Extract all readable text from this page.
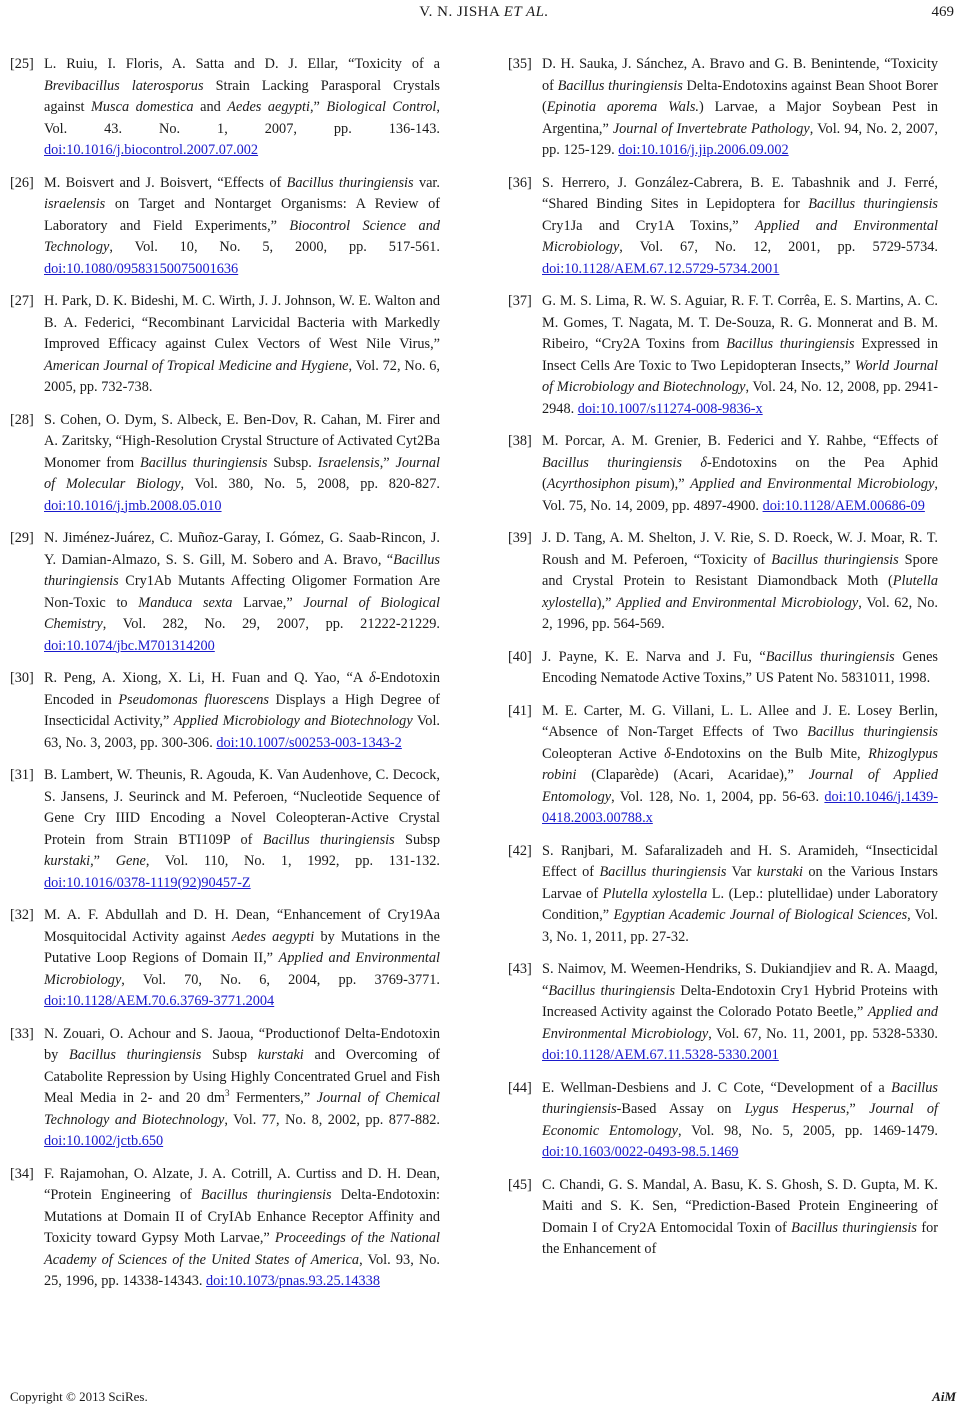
V. N. JISHA ET AL.	469
[25] L. Ruiu, I. Floris, A. Satta and D. J. Ellar, “Toxicity of a Brevibacillus laterosporus Strain Lacking Parasporal Crystals against Musca domestica and Aedes aegypti,” Biological Control, Vol. 43. No. 1, 2007, pp. 136-143. doi:10.1016/j.biocontrol.2007.07.002
[26] M. Boisvert and J. Boisvert, “Effects of Bacillus thuringiensis var. israelensis on Target and Nontarget Organisms: A Review of Laboratory and Field Experiments,” Biocontrol Science and Technology, Vol. 10, No. 5, 2000, pp. 517-561. doi:10.1080/09583150075001636
[27] H. Park, D. K. Bideshi, M. C. Wirth, J. J. Johnson, W. E. Walton and B. A. Federici, “Recombinant Larvicidal Bacteria with Markedly Improved Efficacy against Culex Vectors of West Nile Virus,” American Journal of Tropical Medicine and Hygiene, Vol. 72, No. 6, 2005, pp. 732-738.
[28] S. Cohen, O. Dym, S. Albeck, E. Ben-Dov, R. Cahan, M. Firer and A. Zaritsky, “High-Resolution Crystal Structure of Activated Cyt2Ba Monomer from Bacillus thuringiensis Subsp. Israelensis,” Journal of Molecular Biology, Vol. 380, No. 5, 2008, pp. 820-827. doi:10.1016/j.jmb.2008.05.010
[29] N. Jiménez-Juárez, C. Muñoz-Garay, I. Gómez, G. Saab-Rincon, J. Y. Damian-Almazo, S. S. Gill, M. Sobero and A. Bravo, “Bacillus thuringiensis Cry1Ab Mutants Affecting Oligomer Formation Are Non-Toxic to Manduca sexta Larvae,” Journal of Biological Chemistry, Vol. 282, No. 29, 2007, pp. 21222-21229. doi:10.1074/jbc.M701314200
[30] R. Peng, A. Xiong, X. Li, H. Fuan and Q. Yao, “A δ-Endotoxin Encoded in Pseudomonas fluorescens Displays a High Degree of Insecticidal Activity,” Applied Microbiology and Biotechnology Vol. 63, No. 3, 2003, pp. 300-306. doi:10.1007/s00253-003-1343-2
[31] B. Lambert, W. Theunis, R. Agouda, K. Van Audenhove, C. Decock, S. Jansens, J. Seurinck and M. Peferoen, “Nucleotide Sequence of Gene Cry IIID Encoding a Novel Coleopteran-Active Crystal Protein from Strain BTI109P of Bacillus thuringiensis Subsp kurstaki,” Gene, Vol. 110, No. 1, 1992, pp. 131-132. doi:10.1016/0378-1119(92)90457-Z
[32] M. A. F. Abdullah and D. H. Dean, “Enhancement of Cry19Aa Mosquitocidal Activity against Aedes aegypti by Mutations in the Putative Loop Regions of Domain II,” Applied and Environmental Microbiology, Vol. 70, No. 6, 2004, pp. 3769-3771. doi:10.1128/AEM.70.6.3769-3771.2004
[33] N. Zouari, O. Achour and S. Jaoua, “Productionof Delta-Endotoxin by Bacillus thuringiensis Subsp kurstaki and Overcoming of Catabolite Repression by Using Highly Concentrated Gruel and Fish Meal Media in 2- and 20 $dm^3$ Fermenters,” Journal of Chemical Technology and Biotechnology, Vol. 77, No. 8, 2002, pp. 877-882. doi:10.1002/jctb.650
[34] F. Rajamohan, O. Alzate, J. A. Cotrill, A. Curtiss and D. H. Dean, “Protein Engineering of Bacillus thuringiensis Delta-Endotoxin: Mutations at Domain II of CryIAb Enhance Receptor Affinity and Toxicity toward Gypsy Moth Larvae,” Proceedings of the National Academy of Sciences of the United States of America, Vol. 93, No. 25, 1996, pp. 14338-14343. doi:10.1073/pnas.93.25.14338
[35] D. H. Sauka, J. Sánchez, A. Bravo and G. B. Benintende, “Toxicity of Bacillus thuringiensis Delta-Endotoxins against Bean Shoot Borer (Epinotia aporema Wals.) Larvae, a Major Soybean Pest in Argentina,” Journal of Invertebrate Pathology, Vol. 94, No. 2, 2007, pp. 125-129. doi:10.1016/j.jip.2006.09.002
[36] S. Herrero, J. González-Cabrera, B. E. Tabashnik and J. Ferré, “Shared Binding Sites in Lepidoptera for Bacillus thuringiensis Cry1Ja and Cry1A Toxins,” Applied and Environmental Microbiology, Vol. 67, No. 12, 2001, pp. 5729-5734. doi:10.1128/AEM.67.12.5729-5734.2001
[37] G. M. S. Lima, R. W. S. Aguiar, R. F. T. Corrêa, E. S. Martins, A. C. M. Gomes, T. Nagata, M. T. De-Souza, R. G. Monnerat and B. M. Ribeiro, “Cry2A Toxins from Bacillus thuringiensis Expressed in Insect Cells Are Toxic to Two Lepidopteran Insects,” World Journal of Microbiology and Biotechnology, Vol. 24, No. 12, 2008, pp. 2941-2948. doi:10.1007/s11274-008-9836-x
[38] M. Porcar, A. M. Grenier, B. Federici and Y. Rahbe, “Effects of Bacillus thuringiensis δ-Endotoxins on the Pea Aphid (Acyrthosiphon pisum),” Applied and Environmental Microbiology, Vol. 75, No. 14, 2009, pp. 4897-4900. doi:10.1128/AEM.00686-09
[39] J. D. Tang, A. M. Shelton, J. V. Rie, S. D. Roeck, W. J. Moar, R. T. Roush and M. Peferoen, “Toxicity of Bacillus thuringiensis Spore and Crystal Protein to Resistant Diamondback Moth (Plutella xylostella),” Applied and Environmental Microbiology, Vol. 62, No. 2, 1996, pp. 564-569.
[40] J. Payne, K. E. Narva and J. Fu, “Bacillus thuringiensis Genes Encoding Nematode Active Toxins,” US Patent No. 5831011, 1998.
[41] M. E. Carter, M. G. Villani, L. L. Allee and J. E. Losey Berlin, “Absence of Non-Target Effects of Two Bacillus thuringiensis Coleopteran Active δ-Endotoxins on the Bulb Mite, Rhizoglypus robini (Claparède) (Acari, Acaridae),” Journal of Applied Entomology, Vol. 128, No. 1, 2004, pp. 56-63. doi:10.1046/j.1439-0418.2003.00788.x
[42] S. Ranjbari, M. Safaralizadeh and H. S. Aramideh, “Insecticidal Effect of Bacillus thuringiensis Var kurstaki on the Various Instars Larvae of Plutella xylostella L. (Lep.: plutellidae) under Laboratory Condition,” Egyptian Academic Journal of Biological Sciences, Vol. 3, No. 1, 2011, pp. 27-32.
[43] S. Naimov, M. Weemen-Hendriks, S. Dukiandjiev and R. A. Maagd, “Bacillus thuringiensis Delta-Endotoxin Cry1 Hybrid Proteins with Increased Activity against the Colorado Potato Beetle,” Applied and Environmental Microbiology, Vol. 67, No. 11, 2001, pp. 5328-5330. doi:10.1128/AEM.67.11.5328-5330.2001
[44] E. Wellman-Desbiens and J. C Cote, “Development of a Bacillus thuringiensis-Based Assay on Lygus Hesperus,” Journal of Economic Entomology, Vol. 98, No. 5, 2005, pp. 1469-1479. doi:10.1603/0022-0493-98.5.1469
[45] C. Chandi, G. S. Mandal, A. Basu, K. S. Ghosh, S. D. Gupta, M. K. Maiti and S. K. Sen, “Prediction-Based Protein Engineering of Domain I of Cry2A Entomocidal Toxin of Bacillus thuringiensis for the Enhancement of
Copyright © 2013 SciRes.	AiM
